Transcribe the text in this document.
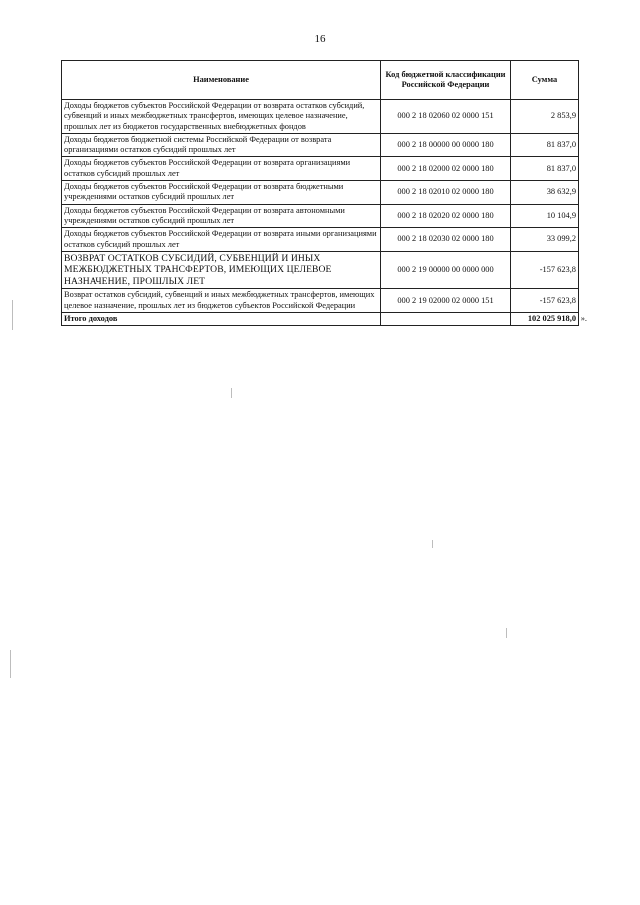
16
Наименование	Код бюджетной классификации Российской Федерации	Сумма
Доходы бюджетов субъектов Российской Федерации от возврата остатков субсидий, субвенций и иных межбюджетных трансфертов, имеющих целевое назначение, прошлых лет из бюджетов государственных внебюджетных фондов	000 2 18 02060 02 0000 151	2 853,9
Доходы бюджетов бюджетной системы Российской Федерации от возврата организациями остатков субсидий прошлых лет	000 2 18 00000 00 0000 180	81 837,0
Доходы бюджетов субъектов Российской Федерации от возврата организациями остатков субсидий прошлых лет	000 2 18 02000 02 0000 180	81 837,0
Доходы бюджетов субъектов Российской Федерации от возврата бюджетными учреждениями остатков субсидий прошлых лет	000 2 18 02010 02 0000 180	38 632,9
Доходы бюджетов субъектов Российской Федерации от возврата автономными учреждениями остатков субсидий прошлых лет	000 2 18 02020 02 0000 180	10 104,9
Доходы бюджетов субъектов Российской Федерации от возврата иными организациями остатков субсидий прошлых лет	000 2 18 02030 02 0000 180	33 099,2
ВОЗВРАТ ОСТАТКОВ СУБСИДИЙ, СУБВЕНЦИЙ И ИНЫХ МЕЖБЮДЖЕТНЫХ ТРАНСФЕРТОВ, ИМЕЮЩИХ ЦЕЛЕВОЕ НАЗНАЧЕНИЕ, ПРОШЛЫХ ЛЕТ	000 2 19 00000 00 0000 000	-157 623,8
Возврат остатков субсидий, субвенций и иных межбюджетных трансфертов, имеющих целевое назначение, прошлых лет из бюджетов субъектов Российской Федерации	000 2 19 02000 02 0000 151	-157 623,8
Итого доходов		102 025 918,0 ».
